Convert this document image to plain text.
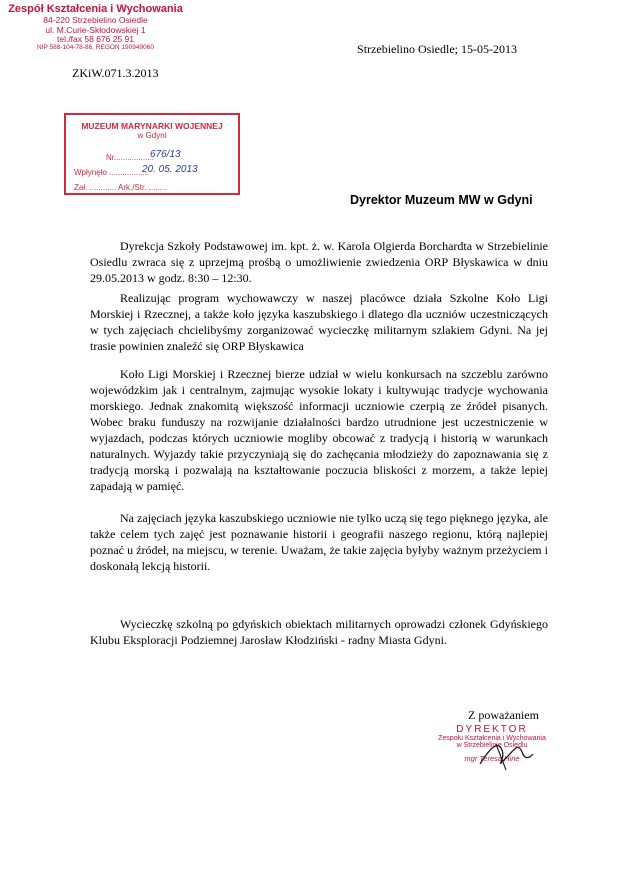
Zespół Kształcenia i Wychowania
84-220 Strzebielino Osiedle
ul. M.Curie-Skłodowskiej 1
tel./fax 58 676 25 91
NIP 588-104-78-86, REGON 190949060	Strzebielino Osiedle; 15-05-2013
ZKiW.071.3.2013
MUZEUM MARYNARKI WOJENNEJ
w Gdyni
Nr..................
676/13
Wpłynęło ..................
20. 05. 2013
Zał. ............ Ark./Str. ........
Dyrektor Muzeum MW w Gdyni
Dyrekcja Szkoły Podstawowej im. kpt. ż. w. Karola Olgierda Borchardta w Strzebielinie Osiedlu zwraca się z uprzejmą prośbą o umożliwienie zwiedzenia ORP Błyskawica w dniu 29.05.2013 w godz. 8:30 – 12:30.
Realizując program wychowawczy w naszej placówce działa Szkolne Koło Ligi Morskiej i Rzecznej, a także koło języka kaszubskiego i dlatego dla uczniów uczestniczących w tych zajęciach chcielibyśmy zorganizować wycieczkę militarnym szlakiem Gdyni. Na jej trasie powinien znaleźć się ORP Błyskawica
Koło Ligi Morskiej i Rzecznej bierze udział w wielu konkursach na szczeblu zarówno wojewódzkim jak i centralnym, zajmując wysokie lokaty i kultywując tradycje wychowania morskiego. Jednak znakomitą większość informacji uczniowie czerpią ze źródeł pisanych. Wobec braku funduszy na rozwijanie działalności bardzo utrudnione jest uczestniczenie w wyjazdach, podczas których uczniowie mogliby obcować z tradycją i historią w warunkach naturalnych. Wyjazdy takie przyczyniają się do zachęcania młodzieży do zapoznawania się z tradycją morską i pozwalają na kształtowanie poczucia bliskości z morzem, a także lepiej zapadają w pamięć.
Na zajęciach języka kaszubskiego uczniowie nie tylko uczą się tego pięknego języka, ale także celem tych zajęć jest poznawanie historii i geografii naszego regionu, którą najlepiej poznać u źródeł, na miejscu, w terenie. Uważam, że takie zajęcia byłyby ważnym przeżyciem i doskonałą lekcją historii.
Wycieczkę szkolną po gdyńskich obiektach militarnych oprowadzi członek Gdyńskiego Klubu Eksploracji Podziemnej Jarosław Kłodziński - radny Miasta Gdyni.
Z poważaniem
DYREKTOR
Zespołu Kształcenia i Wychowania
w Strzebielinie Osiedlu
mgr Teresa Hine
